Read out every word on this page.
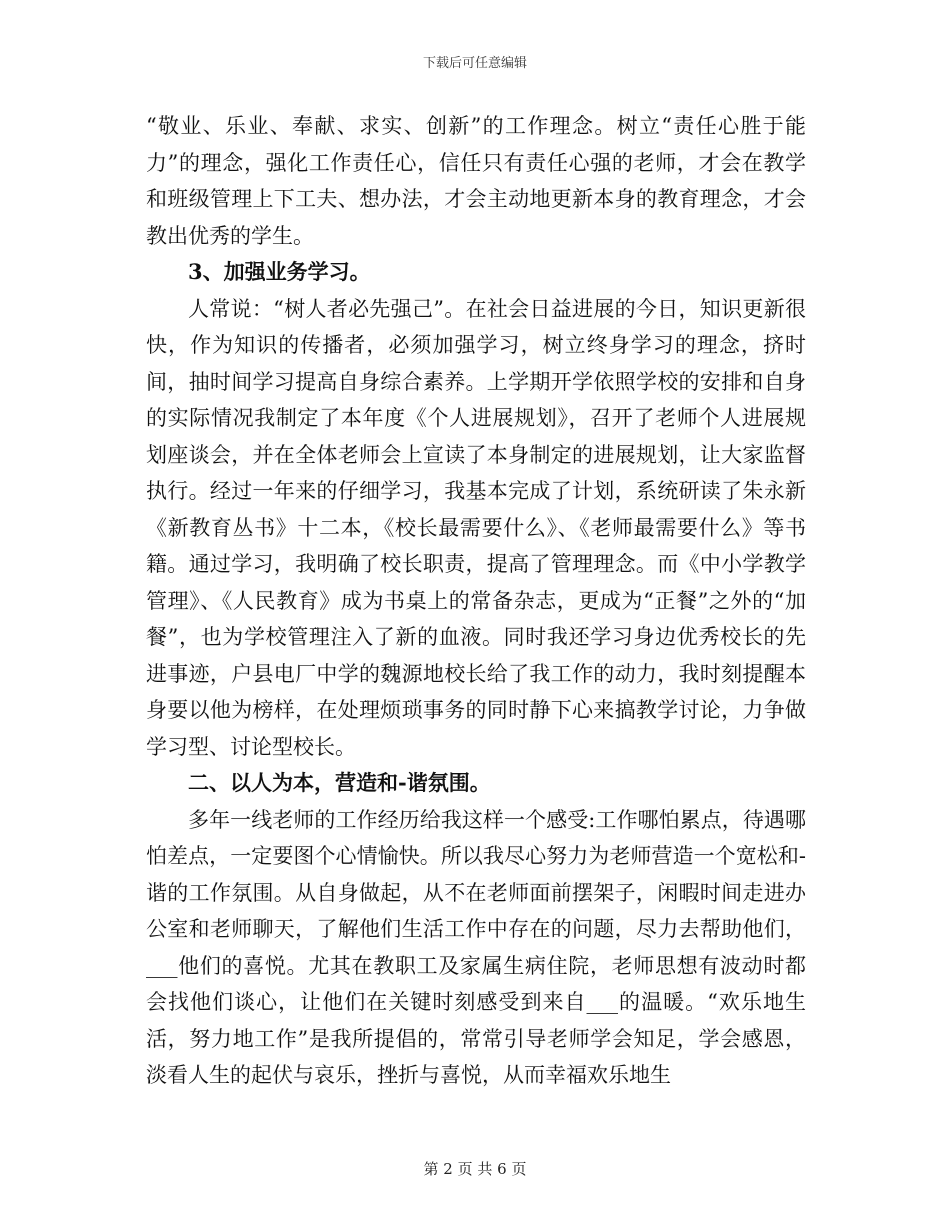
下载后可任意编辑

“敬业、乐业、奉献、求实、创新”的工作理念。树立“责任心胜于能力”的理念，强化工作责任心，信任只有责任心强的老师，才会在教学和班级管理上下工夫、想办法，才会主动地更新本身的教育理念，才会教出优秀的学生。

3、加强业务学习。

人常说：“树人者必先强己”。在社会日益进展的今日，知识更新很快，作为知识的传播者，必须加强学习，树立终身学习的理念，挤时间，抽时间学习提高自身综合素养。上学期开学依照学校的安排和自身的实际情况我制定了本年度《个人进展规划》，召开了老师个人进展规划座谈会，并在全体老师会上宣读了本身制定的进展规划，让大家监督执行。经过一年来的仔细学习，我基本完成了计划，系统研读了朱永新《新教育丛书》十二本，《校长最需要什么》、《老师最需要什么》等书籍。通过学习，我明确了校长职责，提高了管理理念。而《中小学教学管理》、《人民教育》成为书桌上的常备杂志，更成为“正餐”之外的“加餐”，也为学校管理注入了新的血液。同时我还学习身边优秀校长的先进事迹，户县电厂中学的魏源地校长给了我工作的动力，我时刻提醒本身要以他为榜样，在处理烦琐事务的同时静下心来搞教学讨论，力争做学习型、讨论型校长。

二、以人为本，营造和-谐氛围。

多年一线老师的工作经历给我这样一个感受:工作哪怕累点，待遇哪怕差点，一定要图个心情愉快。所以我尽心努力为老师营造一个宽松和-谐的工作氛围。从自身做起，从不在老师面前摆架子，闲暇时间走进办公室和老师聊天，了解他们生活工作中存在的问题，尽力去帮助他们，___他们的喜悦。尤其在教职工及家属生病住院，老师思想有波动时都会找他们谈心，让他们在关键时刻感受到来自___的温暖。“欢乐地生活，努力地工作”是我所提倡的，常常引导老师学会知足，学会感恩，淡看人生的起伏与哀乐，挫折与喜悦，从而幸福欢乐地生

第 2 页 共 6 页
